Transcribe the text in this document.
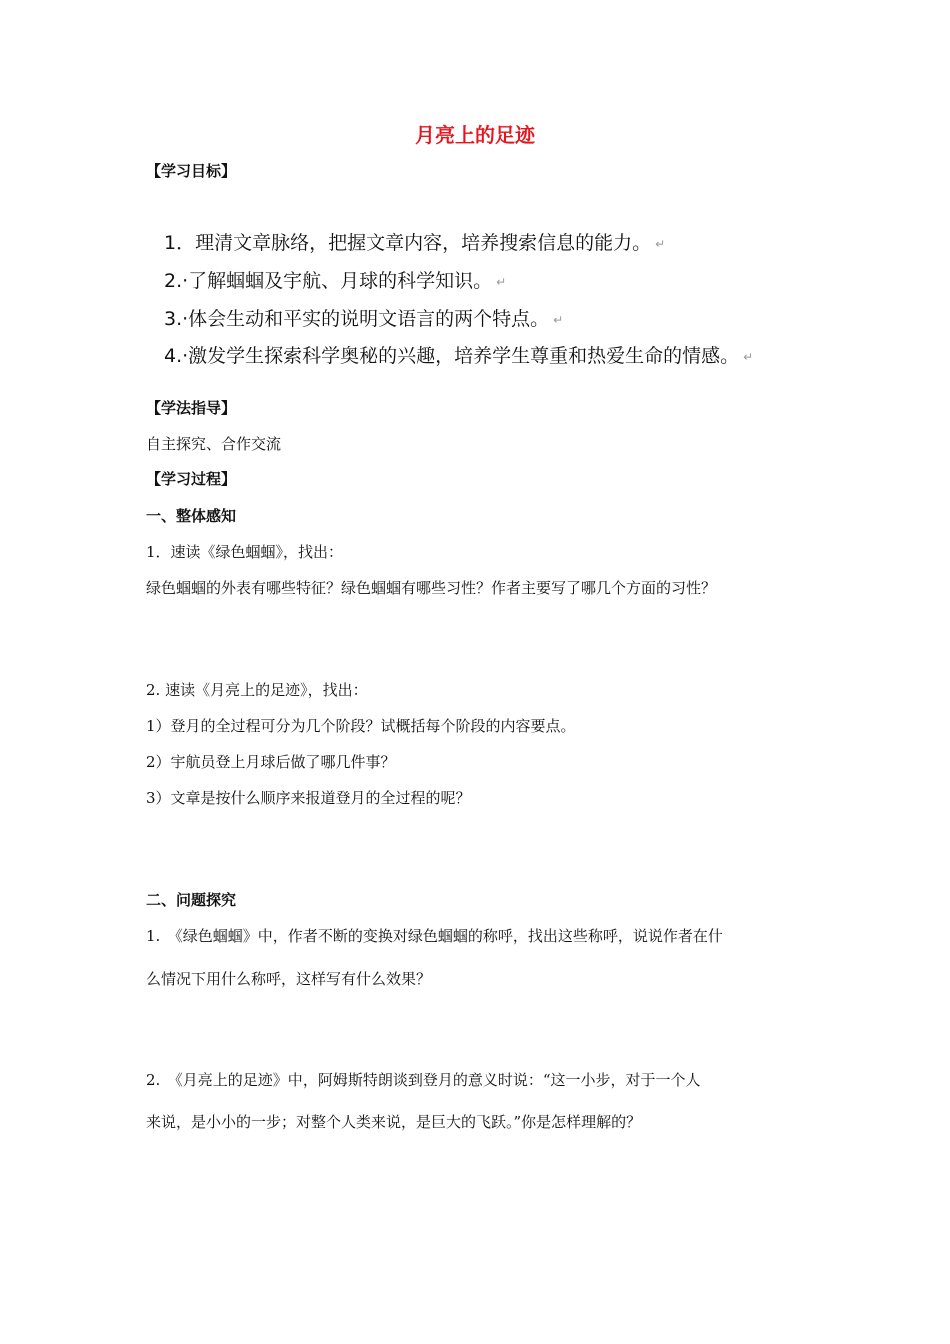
月亮上的足迹
【学习目标】
1．理清文章脉络，把握文章内容，培养搜索信息的能力。 ↵
2.·了解蝈蝈及宇航、月球的科学知识。 ↵
3.·体会生动和平实的说明文语言的两个特点。 ↵
4.·激发学生探索科学奥秘的兴趣，培养学生尊重和热爱生命的情感。 ↵
【学法指导】
自主探究、合作交流
【学习过程】
一、整体感知
1．速读《绿色蝈蝈》，找出：
绿色蝈蝈的外表有哪些特征？绿色蝈蝈有哪些习性？作者主要写了哪几个方面的习性？
2. 速读《月亮上的足迹》，找出：
1）登月的全过程可分为几个阶段？试概括每个阶段的内容要点。
2）宇航员登上月球后做了哪几件事？
3）文章是按什么顺序来报道登月的全过程的呢？
二、问题探究
1.　《绿色蝈蝈》中，作者不断的变换对绿色蝈蝈的称呼，找出这些称呼，说说作者在什
么情况下用什么称呼，这样写有什么效果？
2.　《月亮上的足迹》中，阿姆斯特朗谈到登月的意义时说：“这一小步，对于一个人
来说，是小小的一步；对整个人类来说，是巨大的飞跃。”你是怎样理解的？
